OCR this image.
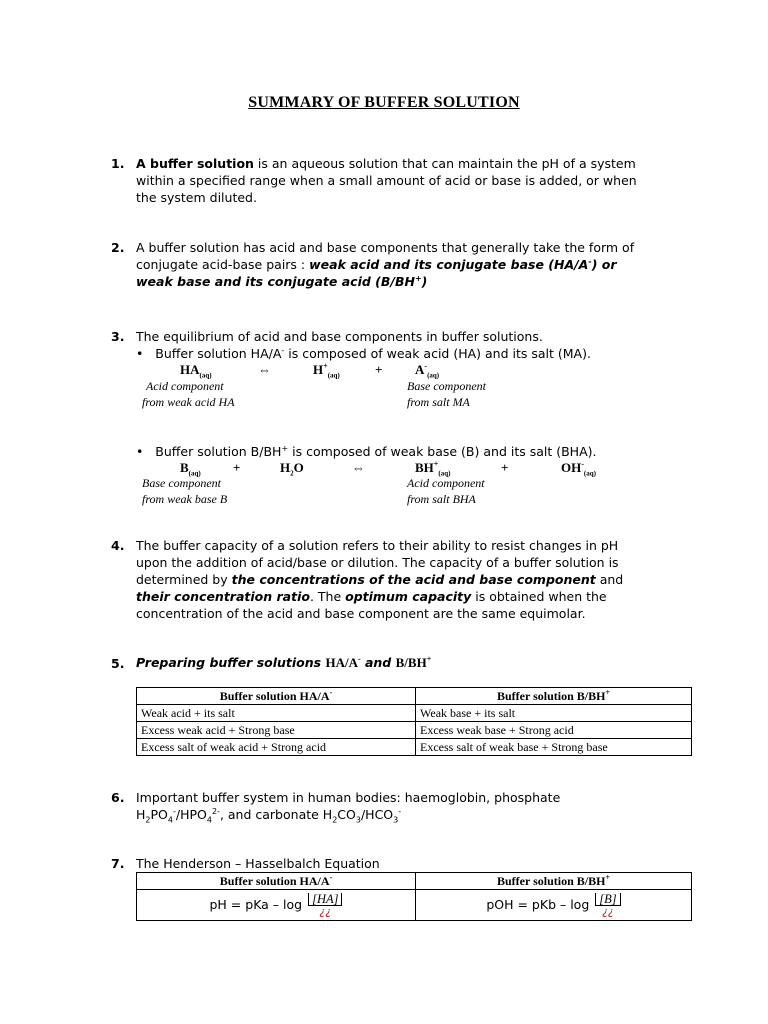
SUMMARY OF BUFFER SOLUTION
1. A buffer solution is an aqueous solution that can maintain the pH of a system
within a specified range when a small amount of acid or base is added, or when
the system diluted.
2. A buffer solution has acid and base components that generally take the form of
conjugate acid-base pairs : weak acid and its conjugate base (HA/A-) or
weak base and its conjugate acid (B/BH+)
3. The equilibrium of acid and base components in buffer solutions.
•   Buffer solution HA/A- is composed of weak acid (HA) and its salt (MA).
$HA_{(aq)}$	⇔	$H^+_{(aq)}$	+	$A^-_{(aq)}$
Acid component
from weak acid HA
Base component
from salt MA
•   Buffer solution B/BH+ is composed of weak base (B) and its salt (BHA).
$B_{(aq)}$ +	$H_2O$	⇔	$BH^+_{(aq)}$	+	$OH^-_{(aq)}$
Base component
from weak base B
Acid component
from salt BHA
4. The buffer capacity of a solution refers to their ability to resist changes in pH
upon the addition of acid/base or dilution. The capacity of a buffer solution is
determined by the concentrations of the acid and base component and
their concentration ratio. The optimum capacity is obtained when the
concentration of the acid and base component are the same equimolar.
5. Preparing buffer solutions HA/A- and B/BH+
Buffer solution HA/A-	Buffer solution B/BH+
Weak acid + its salt	Weak base + its salt
Excess weak acid + Strong base	Excess weak base + Strong acid
Excess salt of weak acid + Strong acid	Excess salt of weak base + Strong base
6. Important buffer system in human bodies: haemoglobin, phosphate
$H_2PO_4^-/HPO_4^{2-}$, and carbonate $H_2CO_3/HCO_3^-$
7. The Henderson – Hasselbalch Equation
Buffer solution HA/A-	Buffer solution B/BH+
pH = pKa – $\log \frac{[HA]}{¿¿}$	pOH = pKb – $\log \frac{[B]}{¿¿}$
